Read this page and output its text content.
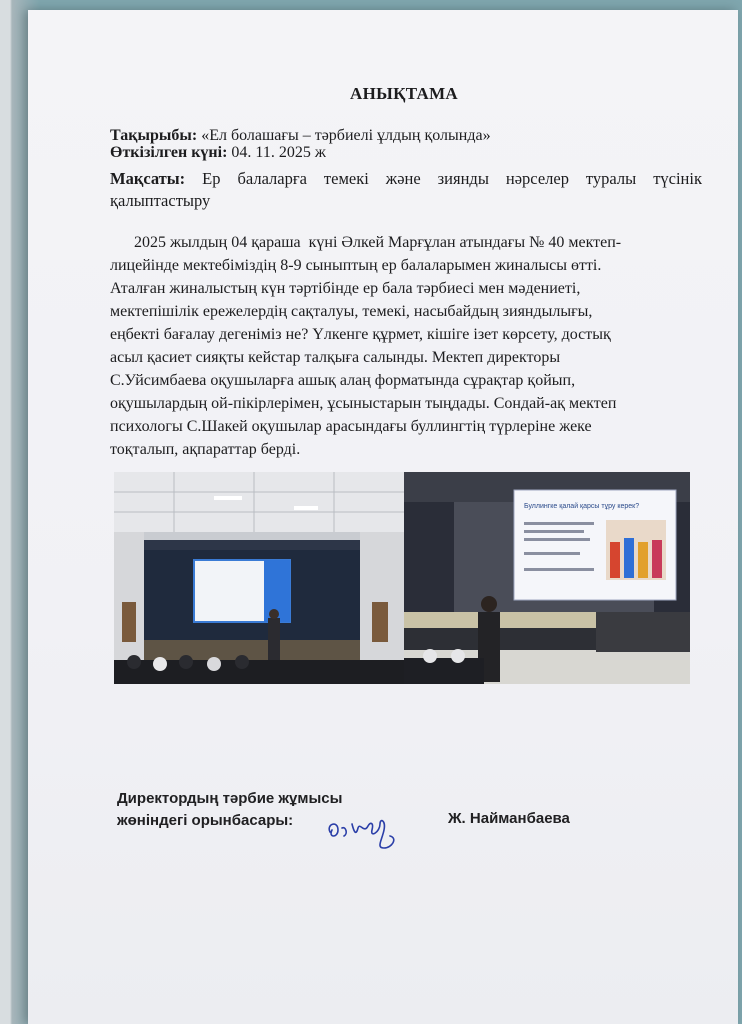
АНЫҚТАМА
Тақырыбы: «Ел болашағы – тәрбиелі ұлдың қолында»
Өткізілген күні: 04. 11. 2025 ж
Мақсаты: Ер балаларға темекі және зиянды нәрселер туралы түсінік қалыптастыру
2025 жылдың 04 қараша  күні Әлкей Марғұлан атындағы № 40 мектеп-
лицейінде мектебіміздің 8-9 сыныптың ер балаларымен жиналысы өтті.
Аталған жиналыстың күн тәртібінде ер бала тәрбиесі мен мәдениеті,
мектепішілік ережелердің сақталуы, темекі, насыбайдың зияндылығы,
еңбекті бағалау дегеніміз не? Үлкенге құрмет, кішіге ізет көрсету, достық
асыл қасиет сияқты кейстар талқыға салынды. Мектеп директоры
С.Уйсимбаева оқушыларға ашық алаң форматында сұрақтар қойып,
оқушылардың ой-пікірлерімен, ұсыныстарын тыңдады. Сондай-ақ мектеп
психологы С.Шакей оқушылар арасындағы буллингтің түрлеріне жеке
тоқталып, ақпараттар берді.
Буллингке қалай қарсы тұру керек?
Директордың тәрбие жұмысы
жөніндегі орынбасары:	Ж. Найманбаева
